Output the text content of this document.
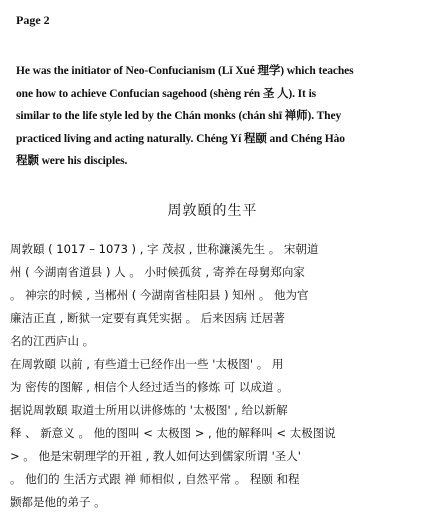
Page 2
He was the initiator of Neo-Confucianism (Lǐ Xué 理学) which teaches
one how to achieve Confucian sagehood (shèng rén 圣 人). It is
similar to the life style led by the Chán monks (chán shī 禅师). They
practiced living and acting naturally. Chéng Yí 程颐 and Chéng Hào
程颢 were his disciples.
周敦頤的生平
周敦頤 ( 1017 – 1073 ) , 字 茂叔 , 世称濂溪先生 。 宋朝道
州 ( 今湖南省道县 ) 人 。 小时候孤贫 , 寄养在母舅郑向家
。 神宗的时候 , 当郴州 ( 今湖南省桂阳县 ) 知州 。 他为官
廉洁正直 , 断狱一定要有真凭实据 。 后来因病 迁居著
名的江西庐山 。
在周敦頤 以前 , 有些道士已经作出一些 '太极图' 。 用
为 密传的图解 , 相信个人经过适当的修炼 可 以成道 。
据说周敦頤 取道士所用以讲修炼的 '太极图' , 给以新解
释 、 新意义 。 他的图叫 < 太极图 > , 他的解释叫 < 太极图说
> 。 他是宋朝理学的开祖 , 教人如何达到儒家所谓 '圣人'
。 他们的 生活方式跟 禅 师相似 , 自然平常 。 程颐 和程
颢都是他的弟子 。
